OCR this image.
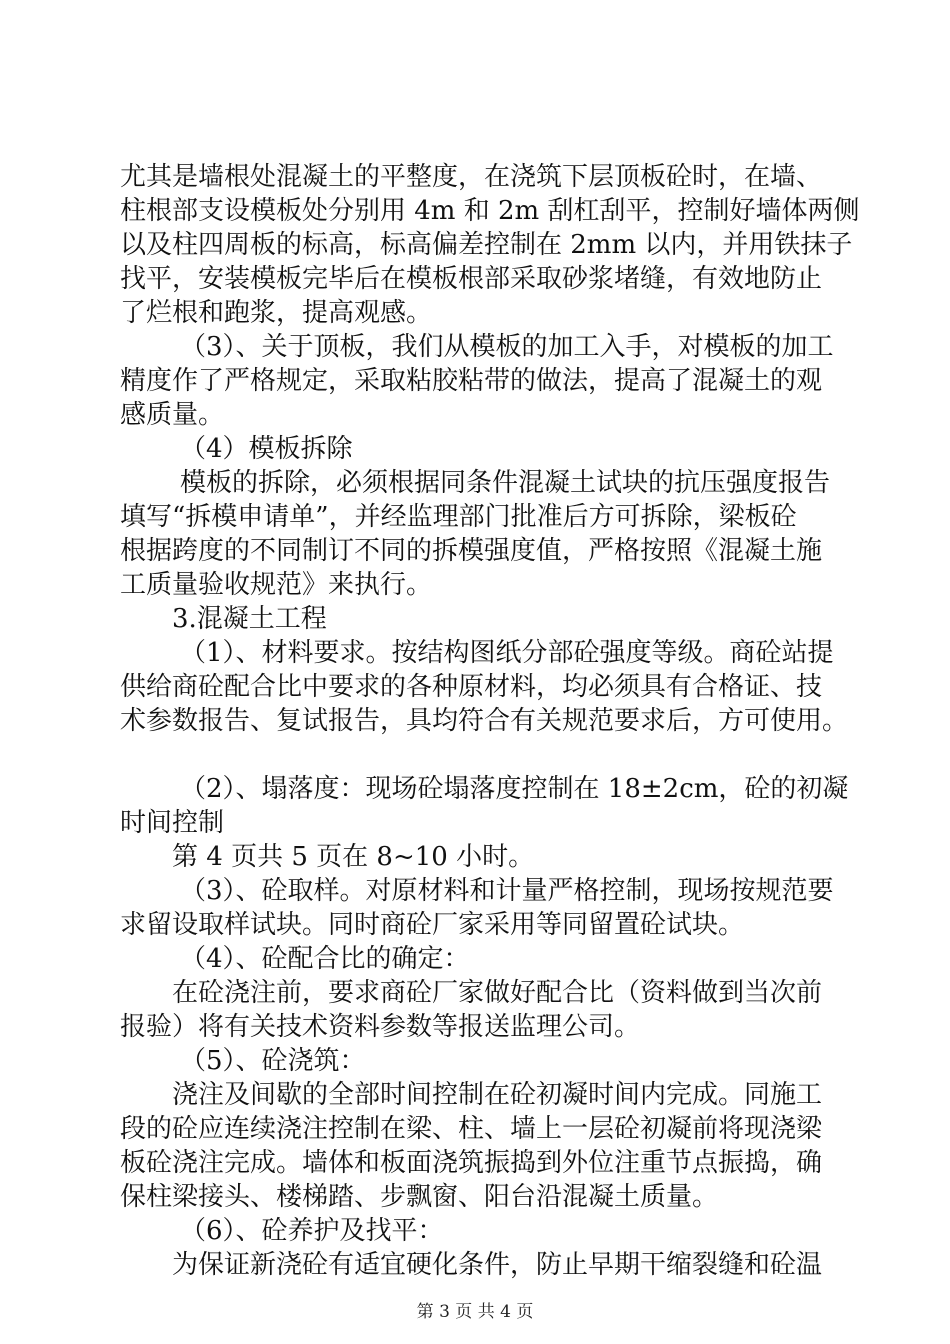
尤其是墙根处混凝土的平整度，在浇筑下层顶板砼时，在墙、
柱根部支设模板处分别用 4m 和 2m 刮杠刮平，控制好墙体两侧
以及柱四周板的标高，标高偏差控制在 2mm 以内，并用铁抹子
找平，安装模板完毕后在模板根部采取砂浆堵缝，有效地防止
了烂根和跑浆，提高观感。
（3）、关于顶板，我们从模板的加工入手，对模板的加工
精度作了严格规定，采取粘胶粘带的做法，提高了混凝土的观
感质量。
（4）模板拆除
模板的拆除，必须根据同条件混凝土试块的抗压强度报告
填写“拆模申请单”，并经监理部门批准后方可拆除，梁板砼
根据跨度的不同制订不同的拆模强度值，严格按照《混凝土施
工质量验收规范》来执行。
3.混凝土工程
（1）、材料要求。按结构图纸分部砼强度等级。商砼站提
供给商砼配合比中要求的各种原材料，均必须具有合格证、技
术参数报告、复试报告，具均符合有关规范要求后，方可使用。
（2）、塌落度：现场砼塌落度控制在 18±2cm，砼的初凝
时间控制
第 4 页共 5 页在 8~10 小时。
（3）、砼取样。对原材料和计量严格控制，现场按规范要
求留设取样试块。同时商砼厂家采用等同留置砼试块。
（4）、砼配合比的确定：
在砼浇注前，要求商砼厂家做好配合比（资料做到当次前
报验）将有关技术资料参数等报送监理公司。
（5）、砼浇筑：
浇注及间歇的全部时间控制在砼初凝时间内完成。同施工
段的砼应连续浇注控制在梁、柱、墙上一层砼初凝前将现浇梁
板砼浇注完成。墙体和板面浇筑振捣到外位注重节点振捣，确
保柱梁接头、楼梯踏、步飘窗、阳台沿混凝土质量。
（6）、砼养护及找平：
为保证新浇砼有适宜硬化条件，防止早期干缩裂缝和砼温
第 3 页 共 4 页
